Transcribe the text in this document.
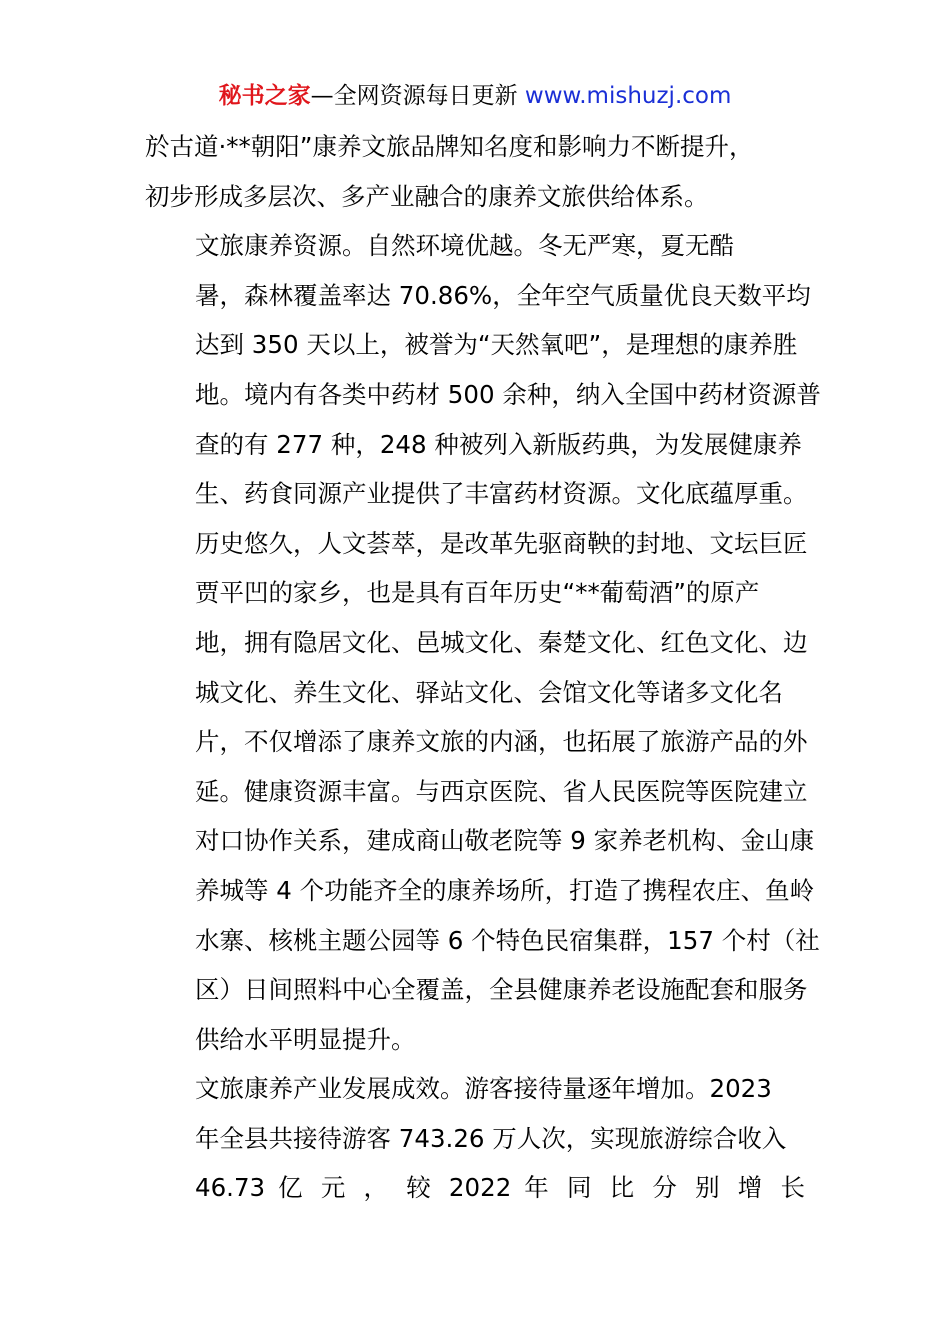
秘书之家—全网资源每日更新 www.mishuzj.com
於古道·**朝阳”康养文旅品牌知名度和影响力不断提升，
初步形成多层次、多产业融合的康养文旅供给体系。
文旅康养资源。自然环境优越。冬无严寒，夏无酷
暑，森林覆盖率达 70.86%，全年空气质量优良天数平均
达到 350 天以上，被誉为“天然氧吧”，是理想的康养胜
地。境内有各类中药材 500 余种，纳入全国中药材资源普
查的有 277 种，248 种被列入新版药典，为发展健康养
生、药食同源产业提供了丰富药材资源。文化底蕴厚重。
历史悠久，人文荟萃，是改革先驱商鞅的封地、文坛巨匠
贾平凹的家乡，也是具有百年历史“**葡萄酒”的原产
地，拥有隐居文化、邑城文化、秦楚文化、红色文化、边
城文化、养生文化、驿站文化、会馆文化等诸多文化名
片，不仅增添了康养文旅的内涵，也拓展了旅游产品的外
延。健康资源丰富。与西京医院、省人民医院等医院建立
对口协作关系，建成商山敬老院等 9 家养老机构、金山康
养城等 4 个功能齐全的康养场所，打造了携程农庄、鱼岭
水寨、核桃主题公园等 6 个特色民宿集群，157 个村（社
区）日间照料中心全覆盖，全县健康养老设施配套和服务
供给水平明显提升。
文旅康养产业发展成效。游客接待量逐年增加。2023
年全县共接待游客 743.26 万人次，实现旅游综合收入
46.73 亿 元 ， 较 2022 年 同 比 分 别 增 长
